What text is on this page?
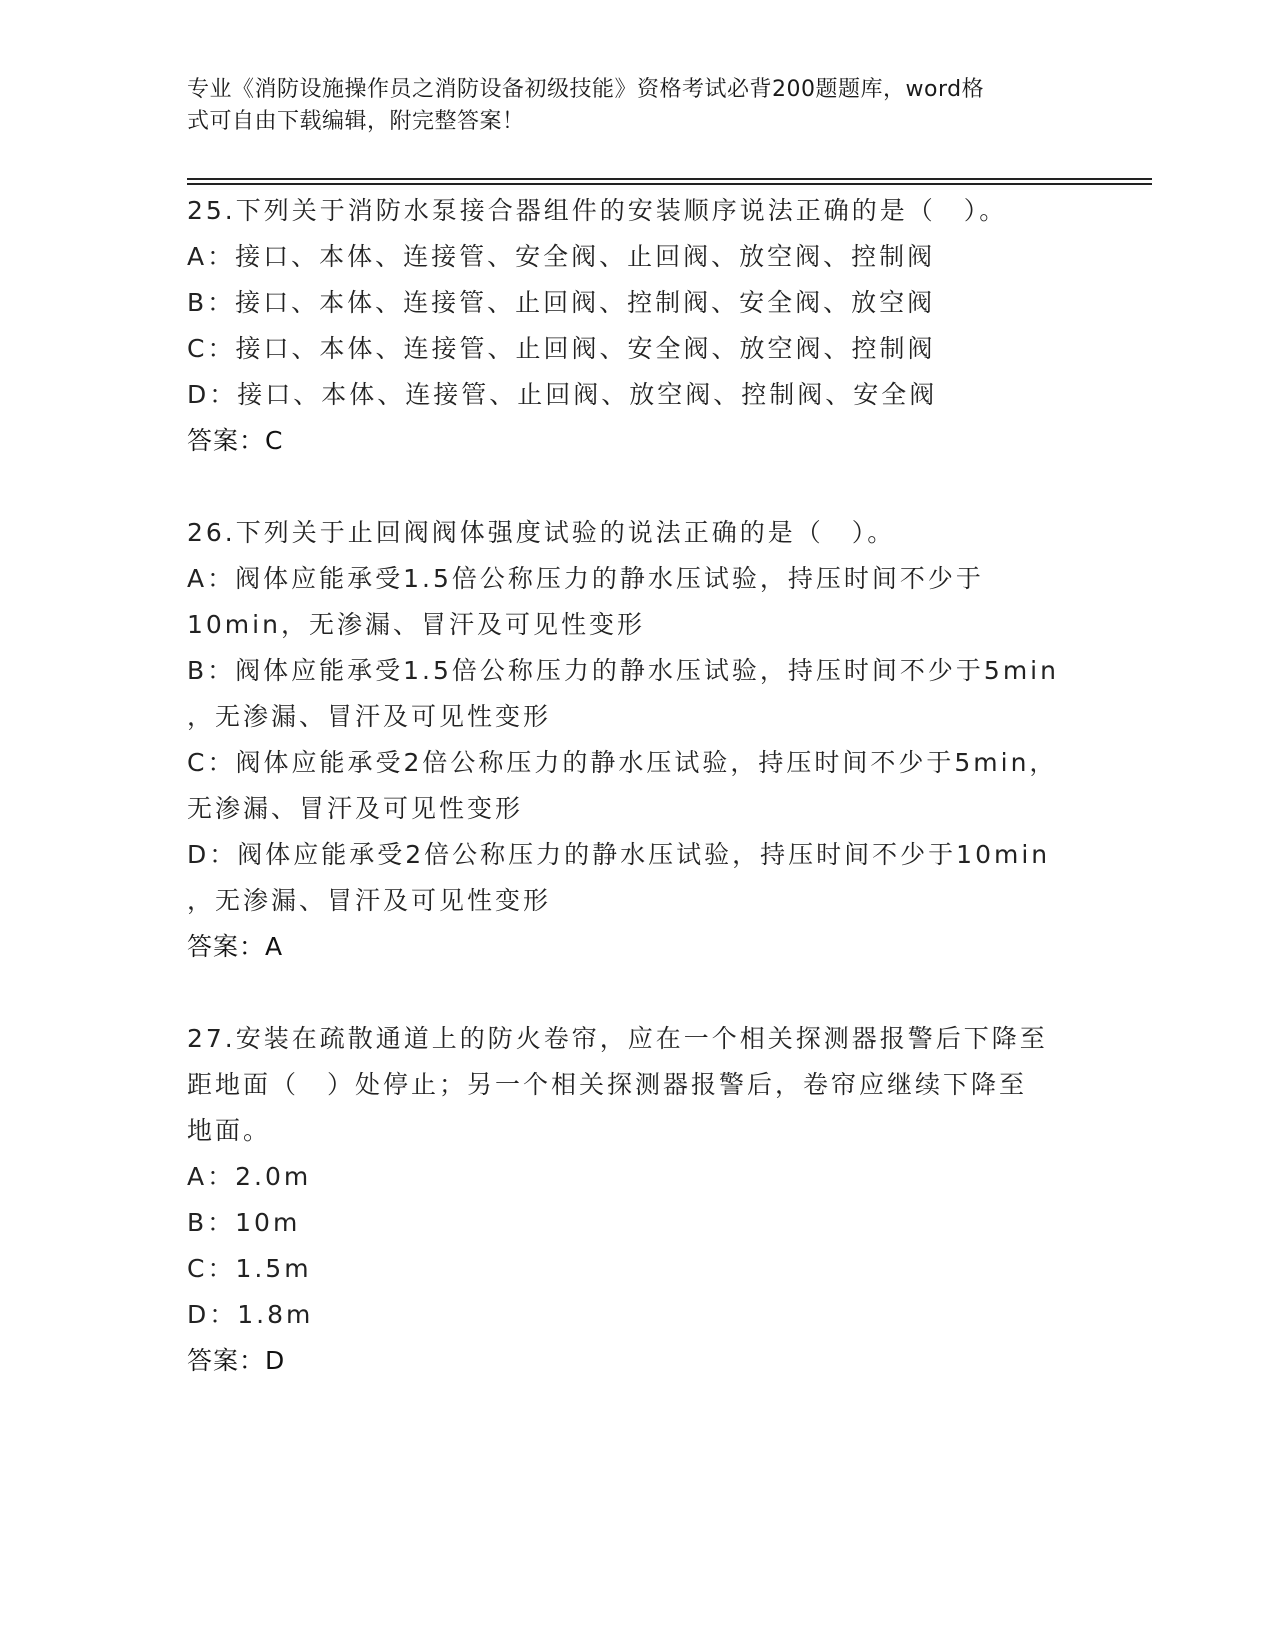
专业《消防设施操作员之消防设备初级技能》资格考试必背200题题库，word格
式可自由下载编辑，附完整答案！
25.下列关于消防水泵接合器组件的安装顺序说法正确的是（　）。
A：接口、本体、连接管、安全阀、止回阀、放空阀、控制阀
B：接口、本体、连接管、止回阀、控制阀、安全阀、放空阀
C：接口、本体、连接管、止回阀、安全阀、放空阀、控制阀
D：接口、本体、连接管、止回阀、放空阀、控制阀、安全阀
答案：C
26.下列关于止回阀阀体强度试验的说法正确的是（　）。
A：阀体应能承受1.5倍公称压力的静水压试验，持压时间不少于
10min，无渗漏、冒汗及可见性变形
B：阀体应能承受1.5倍公称压力的静水压试验，持压时间不少于5min
，无渗漏、冒汗及可见性变形
C：阀体应能承受2倍公称压力的静水压试验，持压时间不少于5min，
无渗漏、冒汗及可见性变形
D：阀体应能承受2倍公称压力的静水压试验，持压时间不少于10min
，无渗漏、冒汗及可见性变形
答案：A
27.安装在疏散通道上的防火卷帘，应在一个相关探测器报警后下降至
距地面（　）处停止；另一个相关探测器报警后，卷帘应继续下降至
地面。
A：2.0m
B：10m
C：1.5m
D：1.8m
答案：D
